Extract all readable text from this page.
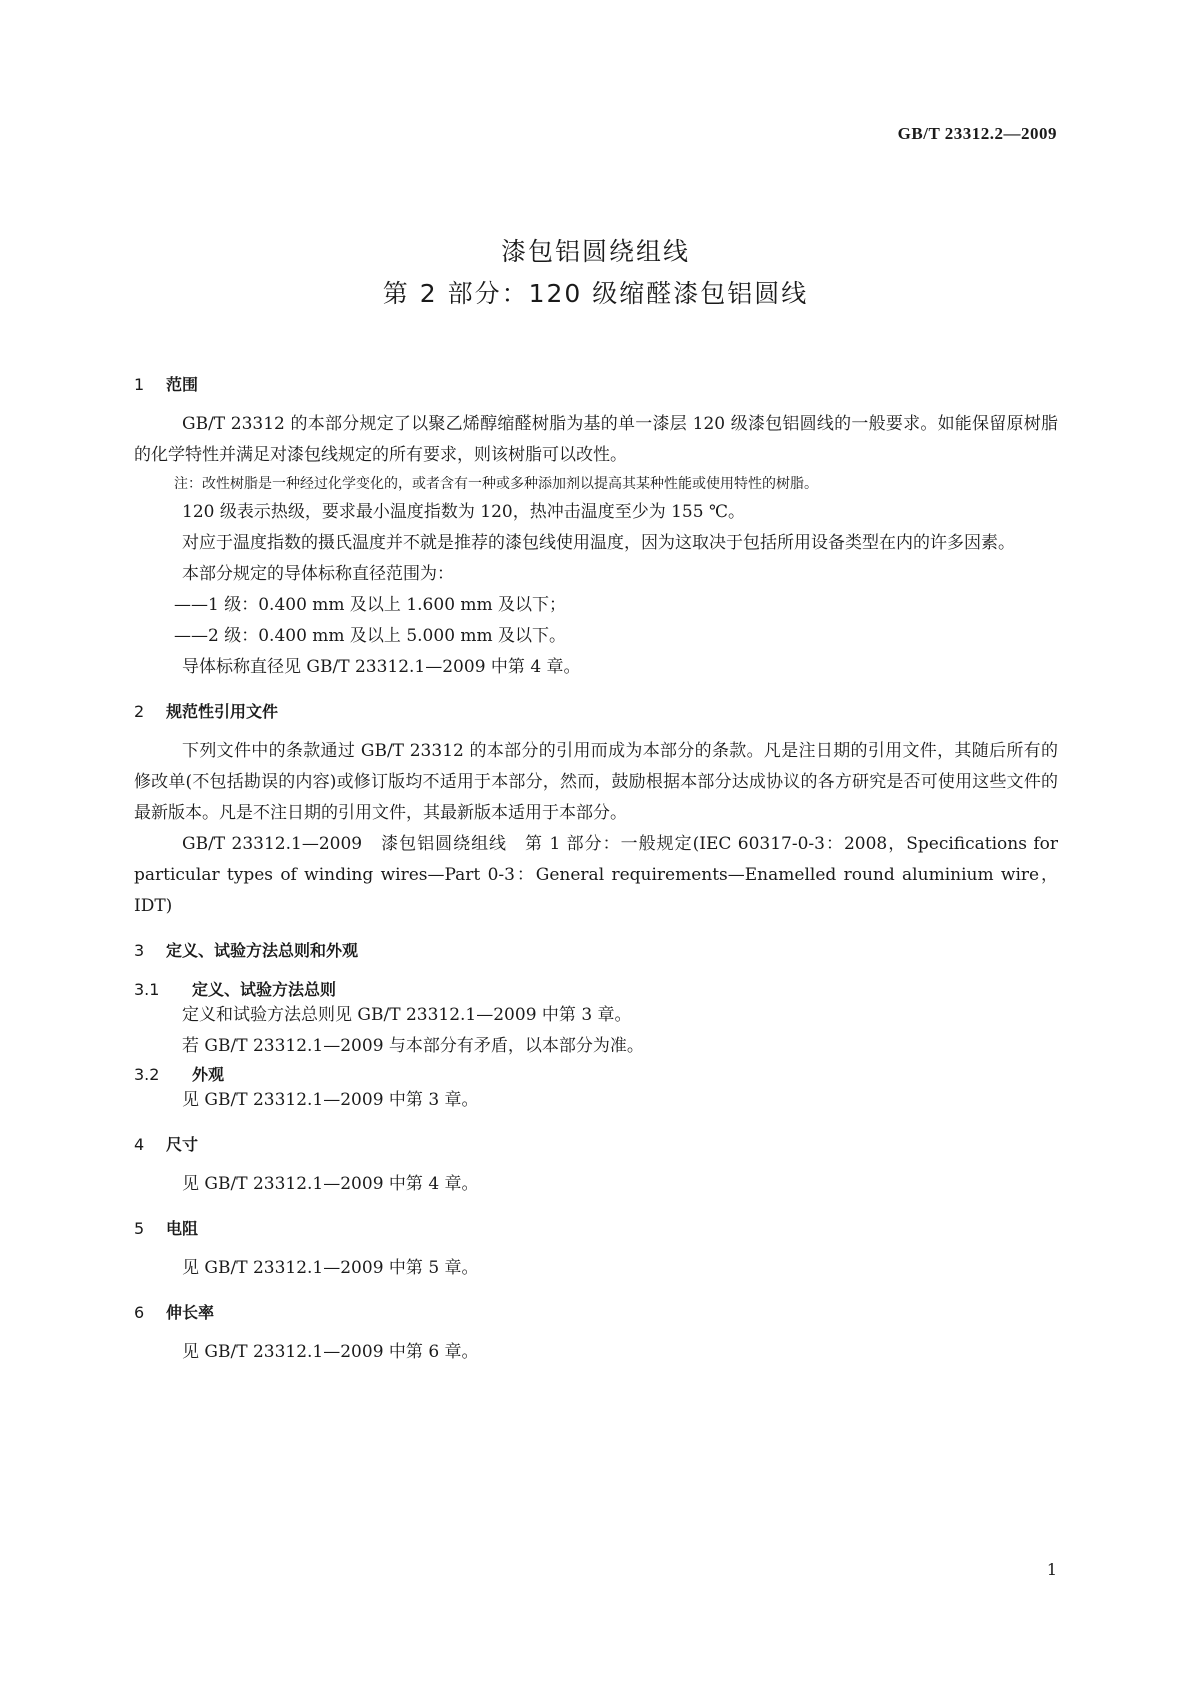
GB/T 23312.2—2009
漆包铝圆绕组线
第 2 部分：120 级缩醛漆包铝圆线
1 范围

GB/T 23312 的本部分规定了以聚乙烯醇缩醛树脂为基的单一漆层 120 级漆包铝圆线的一般要求。如能保留原树脂的化学特性并满足对漆包线规定的所有要求，则该树脂可以改性。

注：改性树脂是一种经过化学变化的，或者含有一种或多种添加剂以提高其某种性能或使用特性的树脂。

120 级表示热级，要求最小温度指数为 120，热冲击温度至少为 155 ℃。

对应于温度指数的摄氏温度并不就是推荐的漆包线使用温度，因为这取决于包括所用设备类型在内的许多因素。

本部分规定的导体标称直径范围为：

——1 级：0.400 mm 及以上 1.600 mm 及以下；

——2 级：0.400 mm 及以上 5.000 mm 及以下。

导体标称直径见 GB/T 23312.1—2009 中第 4 章。

2 规范性引用文件

下列文件中的条款通过 GB/T 23312 的本部分的引用而成为本部分的条款。凡是注日期的引用文件，其随后所有的修改单(不包括勘误的内容)或修订版均不适用于本部分，然而，鼓励根据本部分达成协议的各方研究是否可使用这些文件的最新版本。凡是不注日期的引用文件，其最新版本适用于本部分。

GB/T 23312.1—2009　漆包铝圆绕组线　第 1 部分：一般规定(IEC 60317-0-3：2008，Specifications for particular types of winding wires—Part 0-3：General requirements—Enamelled round aluminium wire，IDT)

3 定义、试验方法总则和外观
3.1 定义、试验方法总则

定义和试验方法总则见 GB/T 23312.1—2009 中第 3 章。

若 GB/T 23312.1—2009 与本部分有矛盾，以本部分为准。

3.2 外观

见 GB/T 23312.1—2009 中第 3 章。

4 尺寸

见 GB/T 23312.1—2009 中第 4 章。

5 电阻

见 GB/T 23312.1—2009 中第 5 章。

6 伸长率

见 GB/T 23312.1—2009 中第 6 章。

1
